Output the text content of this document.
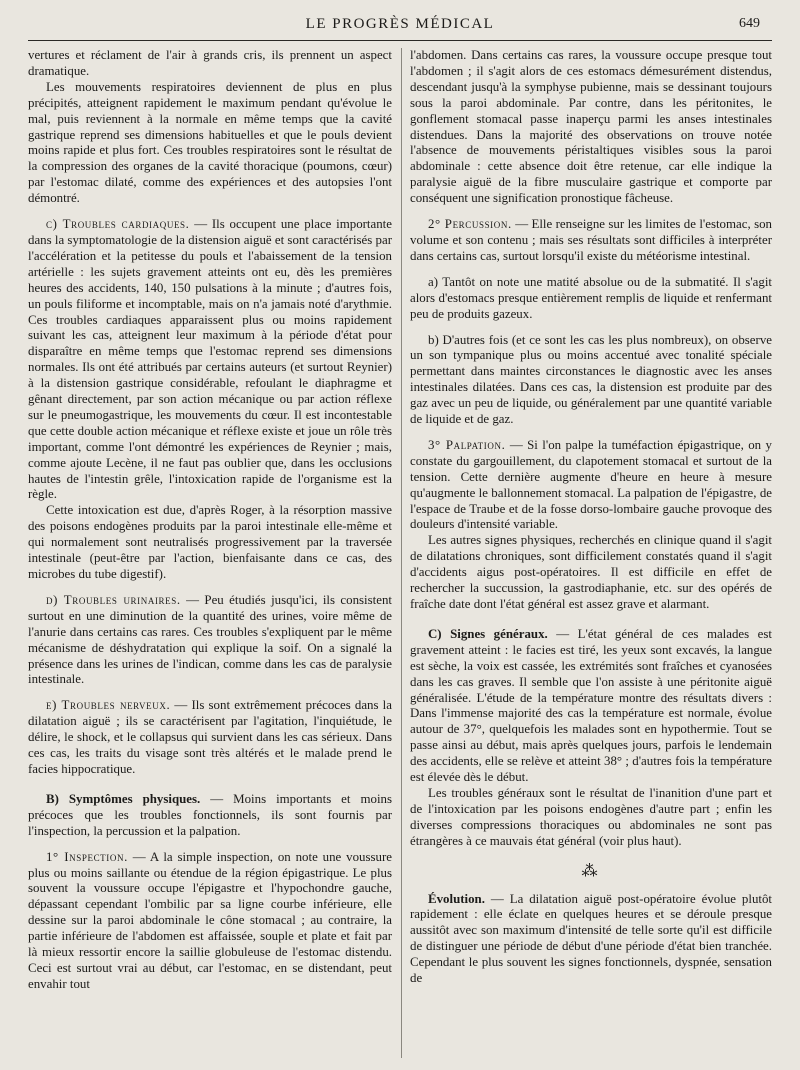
LE PROGRÈS MÉDICAL	649

vertures et réclament de l'air à grands cris, ils prennent un aspect dramatique.

Les mouvements respiratoires deviennent de plus en plus précipités, atteignent rapidement le maximum pendant qu'évolue le mal, puis reviennent à la normale en même temps que la cavité gastrique reprend ses dimensions habituelles et que le pouls devient moins rapide et plus fort. Ces troubles respiratoires sont le résultat de la compression des organes de la cavité thoracique (poumons, cœur) par l'estomac dilaté, comme des expériences et des autopsies l'ont démontré.

c) Troubles cardiaques. — Ils occupent une place importante dans la symptomatologie de la distension aiguë et sont caractérisés par l'accélération et la petitesse du pouls et l'abaissement de la tension artérielle : les sujets gravement atteints ont eu, dès les premières heures des accidents, 140, 150 pulsations à la minute ; d'autres fois, un pouls filiforme et incomptable, mais on n'a jamais noté d'arythmie. Ces troubles cardiaques apparaissent plus ou moins rapidement suivant les cas, atteignent leur maximum à la période d'état pour disparaître en même temps que l'estomac reprend ses dimensions normales. Ils ont été attribués par certains auteurs (et surtout Reynier) à la distension gastrique considérable, refoulant le diaphragme et gênant directement, par son action mécanique ou par action réflexe sur le pneumogastrique, les mouvements du cœur. Il est incontestable que cette double action mécanique et réflexe existe et joue un rôle très important, comme l'ont démontré les expériences de Reynier ; mais, comme ajoute Lecène, il ne faut pas oublier que, dans les occlusions hautes de l'intestin grêle, l'intoxication rapide de l'organisme est la règle.

Cette intoxication est due, d'après Roger, à la résorption massive des poisons endogènes produits par la paroi intestinale elle-même et qui normalement sont neutralisés progressivement par la traversée intestinale (peut-être par l'action, bienfaisante dans ce cas, des microbes du tube digestif).

d) Troubles urinaires. — Peu étudiés jusqu'ici, ils consistent surtout en une diminution de la quantité des urines, voire même de l'anurie dans certains cas rares. Ces troubles s'expliquent par le même mécanisme de déshydratation qui explique la soif. On a signalé la présence dans les urines de l'indican, comme dans les cas de paralysie intestinale.

e) Troubles nerveux. — Ils sont extrêmement précoces dans la dilatation aiguë ; ils se caractérisent par l'agitation, l'inquiétude, le délire, le shock, et le collapsus qui survient dans les cas sérieux. Dans ces cas, les traits du visage sont très altérés et le malade prend le facies hippocratique.

B) Symptômes physiques. — Moins importants et moins précoces que les troubles fonctionnels, ils sont fournis par l'inspection, la percussion et la palpation.

1° Inspection. — A la simple inspection, on note une voussure plus ou moins saillante ou étendue de la région épigastrique. Le plus souvent la voussure occupe l'épigastre et l'hypochondre gauche, dépassant cependant l'ombilic par sa ligne courbe inférieure, elle dessine sur la paroi abdominale le cône stomacal ; au contraire, la partie inférieure de l'abdomen est affaissée, souple et plate et fait par là mieux ressortir encore la saillie globuleuse de l'estomac distendu. Ceci est surtout vrai au début, car l'estomac, en se distendant, peut envahir tout

l'abdomen. Dans certains cas rares, la voussure occupe presque tout l'abdomen ; il s'agit alors de ces estomacs démesurément distendus, descendant jusqu'à la symphyse pubienne, mais se dessinant toujours sous la paroi abdominale. Par contre, dans les péritonites, le gonflement stomacal passe inaperçu parmi les anses intestinales distendues. Dans la majorité des observations on trouve notée l'absence de mouvements péristaltiques visibles sous la paroi abdominale : cette absence doit être retenue, car elle indique la paralysie aiguë de la fibre musculaire gastrique et comporte par conséquent une signification pronostique fâcheuse.

2° Percussion. — Elle renseigne sur les limites de l'estomac, son volume et son contenu ; mais ses résultats sont difficiles à interpréter dans certains cas, surtout lorsqu'il existe du météorisme intestinal.

a) Tantôt on note une matité absolue ou de la submatité. Il s'agit alors d'estomacs presque entièrement remplis de liquide et renfermant peu de produits gazeux.

b) D'autres fois (et ce sont les cas les plus nombreux), on observe un son tympanique plus ou moins accentué avec tonalité spéciale permettant dans maintes circonstances le diagnostic avec les anses intestinales dilatées. Dans ces cas, la distension est produite par des gaz avec un peu de liquide, ou généralement par une quantité variable de liquide et de gaz.

3° Palpation. — Si l'on palpe la tuméfaction épigastrique, on y constate du gargouillement, du clapotement stomacal et surtout de la tension. Cette dernière augmente d'heure en heure à mesure qu'augmente le ballonnement stomacal. La palpation de l'épigastre, de l'espace de Traube et de la fosse dorso-lombaire gauche provoque des douleurs d'intensité variable.

Les autres signes physiques, recherchés en clinique quand il s'agit de dilatations chroniques, sont difficilement constatés quand il s'agit d'accidents aigus post-opératoires. Il est difficile en effet de rechercher la succussion, la gastrodiaphanie, etc. sur des opérés de fraîche date dont l'état général est assez grave et alarmant.

C) Signes généraux. — L'état général de ces malades est gravement atteint : le facies est tiré, les yeux sont excavés, la langue est sèche, la voix est cassée, les extrémités sont fraîches et cyanosées dans les cas graves. Il semble que l'on assiste à une péritonite aiguë généralisée. L'étude de la température montre des résultats divers : Dans l'immense majorité des cas la température est normale, évolue autour de 37°, quelquefois les malades sont en hypothermie. Tout se passe ainsi au début, mais après quelques jours, parfois le lendemain des accidents, elle se relève et atteint 38° ; d'autres fois la température est élevée dès le début.

Les troubles généraux sont le résultat de l'inanition d'une part et de l'intoxication par les poisons endogènes d'autre part ; enfin les diverses compressions thoraciques ou abdominales ne sont pas étrangères à ce mauvais état général (voir plus haut).

⁂

Évolution. — La dilatation aiguë post-opératoire évolue plutôt rapidement : elle éclate en quelques heures et se déroule presque aussitôt avec son maximum d'intensité de telle sorte qu'il est difficile de distinguer une période de début d'une période d'état bien tranchée. Cependant le plus souvent les signes fonctionnels, dyspnée, sensation de
